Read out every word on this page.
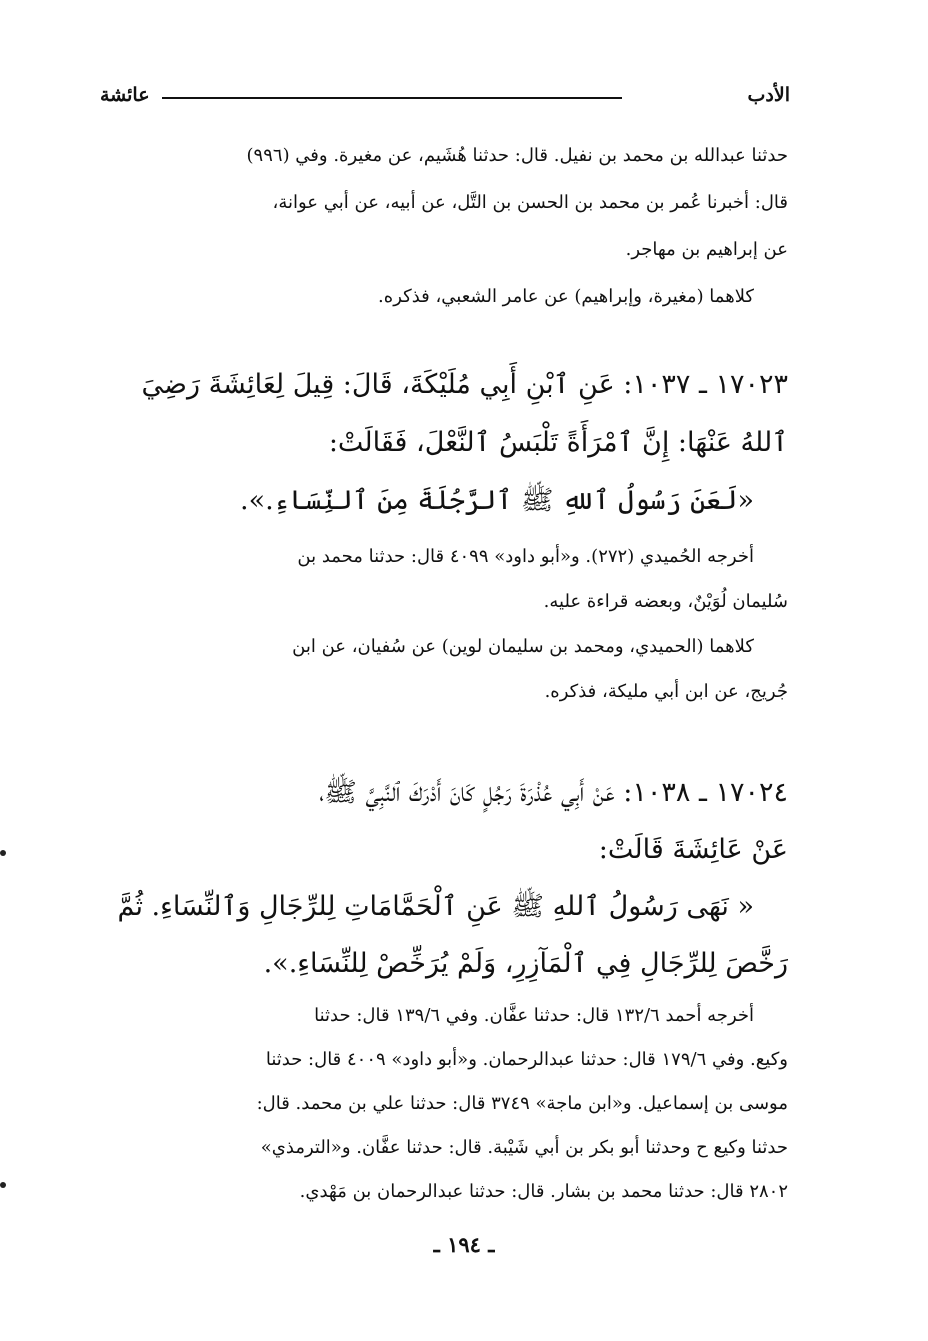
الأدب
عائشة
حدثنا عبدالله بن محمد بن نفيل. قال: حدثنا هُشَيم، عن مغيرة. وفي (٩٩٦)
قال: أخبرنا عُمر بن محمد بن الحسن بن التَّل، عن أبيه، عن أبي عوانة،
عن إبراهيم بن مهاجر.
كلاهما (مغيرة، وإبراهيم) عن عامر الشعبي، فذكره.
١٧٠٢٣ ـ ١٠٣٧: عَنِ ٱبْنِ أَبِي مُلَيْكَةَ، قَالَ: قِيلَ لِعَائِشَةَ رَضِيَ
ٱللهُ عَنْهَا: إِنَّ ٱمْرَأَةً تَلْبَسُ ٱلنَّعْلَ، فَقَالَتْ:
«لَعَنَ رَسُولُ ٱللهِ ﷺ ٱلرَّجُلَةَ مِنَ ٱلنِّسَاءِ.».
أخرجه الحُميدي (٢٧٢). و«أبو داود» ٤٠٩٩ قال: حدثنا محمد بن
سُليمان لُوَيْنٌ، وبعضه قراءة عليه.
كلاهما (الحميدي، ومحمد بن سليمان لوين) عن سُفيان، عن ابن
جُريج، عن ابن أبي مليكة، فذكره.
١٧٠٢٤ ـ ١٠٣٨: عَنْ أَبِي عُذْرَةَ رَجُلٍ كَانَ أَدْرَكَ ٱلنَّبِيَّ ﷺ،
عَنْ عَائِشَةَ قَالَتْ:
« نَهَى رَسُولُ ٱللهِ ﷺ عَنِ ٱلْحَمَّامَاتِ لِلرِّجَالِ وَٱلنِّسَاءِ. ثُمَّ
رَخَّصَ لِلرِّجَالِ فِي ٱلْمَآزِرِ، وَلَمْ يُرَخِّصْ لِلنِّسَاءِ.».
أخرجه أحمد ١٣٢/٦ قال: حدثنا عفَّان. وفي ١٣٩/٦ قال: حدثنا
وكيع. وفي ١٧٩/٦ قال: حدثنا عبدالرحمان. و«أبو داود» ٤٠٠٩ قال: حدثنا
موسى بن إسماعيل. و«ابن ماجة» ٣٧٤٩ قال: حدثنا علي بن محمد. قال:
حدثنا وكيع ح وحدثنا أبو بكر بن أبي شَيْبة. قال: حدثنا عفَّان. و«الترمذي»
٢٨٠٢ قال: حدثنا محمد بن بشار. قال: حدثنا عبدالرحمان بن مَهْدي.
ـ ١٩٤ ـ
